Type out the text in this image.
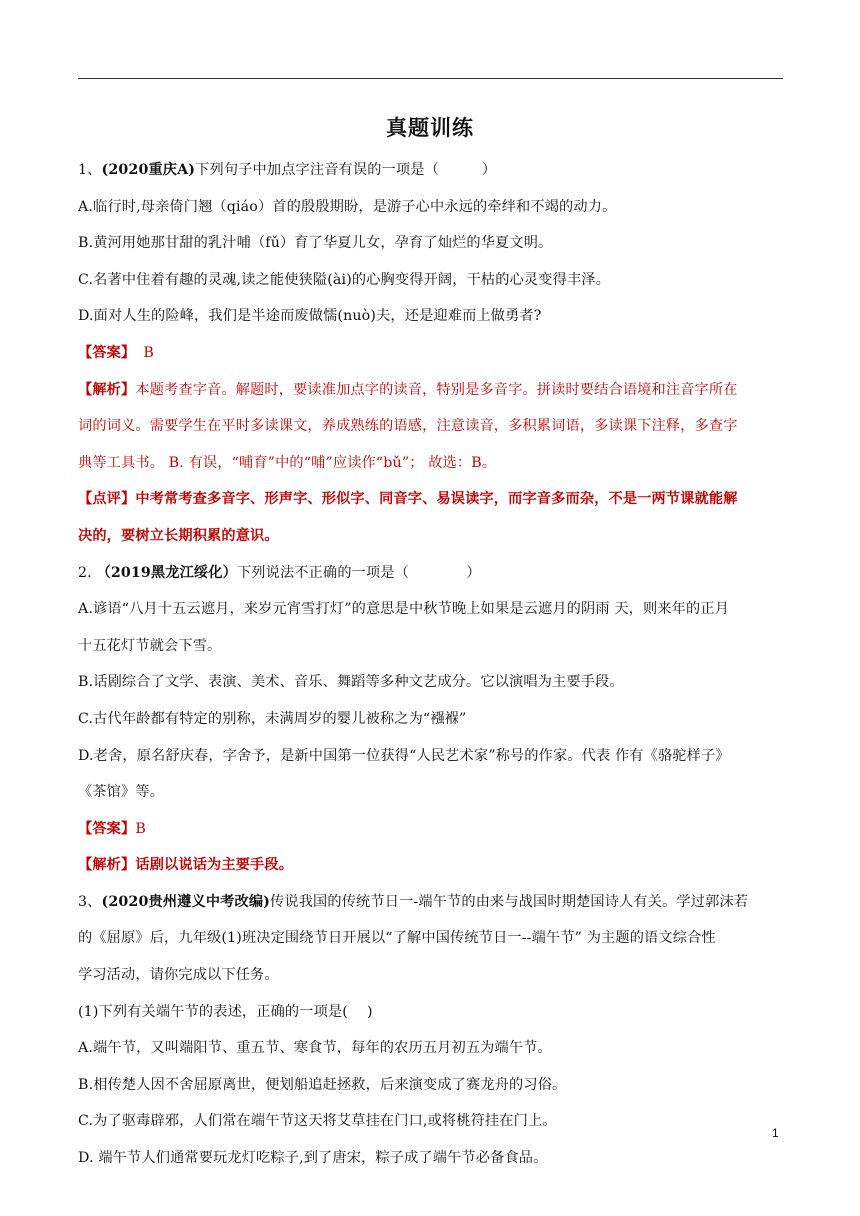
真题训练
1、(2020重庆A)下列句子中加点字注音有误的一项是（　　　）
A.临行时,母亲倚门翘（qiáo）首的殷殷期盼，是游子心中永远的牵绊和不竭的动力。
B.黄河用她那甘甜的乳汁哺（fǔ）育了华夏儿女，孕育了灿烂的华夏文明。
C.名著中住着有趣的灵魂,读之能使狭隘(ài)的心胸变得开阔，干枯的心灵变得丰泽。
D.面对人生的险峰，我们是半途而废做懦(nuò)夫，还是迎难而上做勇者?
【答案】 B
【解析】本题考查字音。解题时，要读准加点字的读音，特别是多音字。拼读时要结合语境和注音字所在
词的词义。需要学生在平时多读课文，养成熟练的语感，注意读音，多积累词语，多读课下注释，多查字
典等工具书。 B. 有误，“哺育”中的“哺”应读作“bǔ”； 故选：B。
【点评】中考常考查多音字、形声字、形似字、同音字、易误读字，而字音多而杂，不是一两节课就能解
决的，要树立长期积累的意识。
2. （2019黑龙江绥化）下列说法不正确的一项是（　　　　）
A.谚语“八月十五云遮月，来岁元宵雪打灯”的意思是中秋节晚上如果是云遮月的阴雨 天，则来年的正月
十五花灯节就会下雪。
B.话剧综合了文学、表演、美术、音乐、舞蹈等多种文艺成分。它以演唱为主要手段。
C.古代年龄都有特定的别称，未满周岁的婴儿被称之为“襁褓”
D.老舍，原名舒庆春，字舍予，是新中国第一位获得“人民艺术家”称号的作家。代表 作有《骆驼样子》
《茶馆》等。
【答案】B
【解析】话剧以说话为主要手段。
3、(2020贵州遵义中考改编)传说我国的传统节日一-端午节的由来与战国时期楚国诗人有关。学过郭沫若
的《屈原》后，九年级(1)班决定围绕节日开展以“了解中国传统节日一--端午节” 为主题的语文综合性
学习活动，请你完成以下任务。
(1)下列有关端午节的表述，正确的一项是(　 )
A.端午节，又叫端阳节、重五节、寒食节，每年的农历五月初五为端午节。
B.相传楚人因不舍屈原离世，便划船追赶拯救，后来演变成了赛龙舟的习俗。
C.为了驱毒辟邪，人们常在端午节这天将艾草挂在门口,或将桃符挂在门上。
D. 端午节人们通常要玩龙灯吃粽子,到了唐宋，粽子成了端午节必备食品。
1
